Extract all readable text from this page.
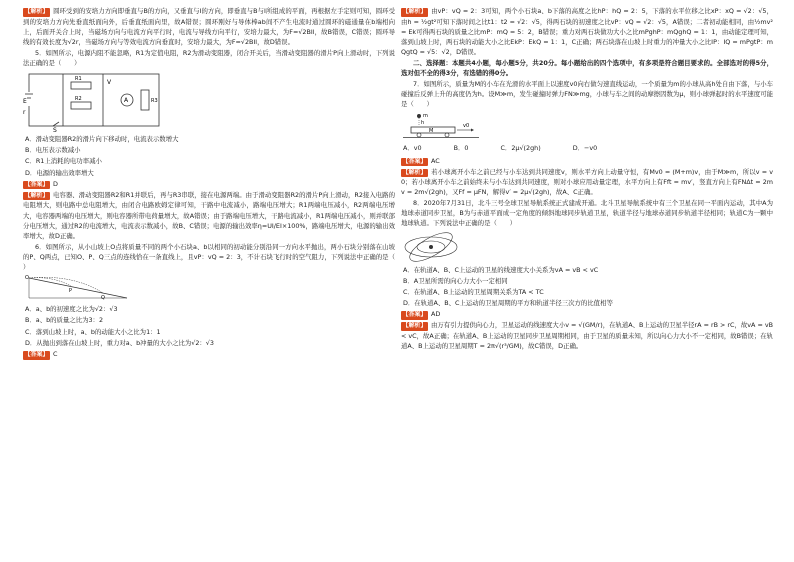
【解析】 圆环受到的安培力方向即垂直与B的方向，又垂直与I的方向，即垂直与B与I所组成的平面，再根据左手定则可知，圆环受到的安培力方向先垂直纸面向外，后垂直纸面向里，故A错误；圆环刚好与导体棒ab间不产生电流时通过圆环的磁通量在b端相向上，后面开关合上时，当磁场方向与电流方向平行时，电流与导线方向平行，安培力最大，为F=√2BIl，故B错误，C错误；圆环导线的有效长度为√2r，当磁场方向与等效电流方向垂直时，安培力最大，为F=√2BIl，故D错误。

5．如图所示，电源内阻不能忽略，R1为定值电阻，R2为滑动变阻器，闭合开关后，当滑动变阻器的滑片P向上滑动时，下列说法正确的是（　　）

E
r
R1
R2	R3
A
V
S
A．滑动变阻器R2的滑片向下移动时，电流表示数增大
B．电压表示数减小
C．R1上消耗的电功率减小
D．电源的输出效率增大

【答案】 D

【解析】 电容器、滑动变阻器R2和R1并联后，再与R3串联，接在电源两端。由于滑动变阻器R2的滑片P向上滑动，R2接入电路的电阻增大，则电路中总电阻增大，由闭合电路欧姆定律可知，干路中电流减小，路端电压增大；R1两端电压减小，R2两端电压增大，电容器两端的电压增大，则电容器所带电荷量增大，故A错误；由于路端电压增大，干路电流减小，R1两端电压减小，则并联部分电压增大，通过R2的电流增大，电流表示数减小，故B、C错误；电源的输出效率η=UI/EI×100%，路端电压增大，电源的输出效率增大，故D正确。

6．如图所示，从小山坡上O点将质量不同的两个小石块a、b以相同的初动能分别沿同一方向水平抛出，两小石块分别落在山坡的P、Q两点，已知O、P、Q三点的连线恰在一条直线上，且vP：vQ = 2：3，不计石块飞行时的空气阻力，下列说法中正确的是（　　）

O
P
Q
A．a、b的初速度之比为√2：√3
B．a、b的质量之比为3：2
C．落到山坡上时，a、b的动能大小之比为1：1
D．从抛出到落在山坡上时，重力对a、b冲量的大小之比为√2：√3

【答案】 C

【解析】 由vP：vQ = 2：3可知，两个小石块a、b下落的高度之比hP：hQ = 2：5，下落的水平位移之比xP：xQ = √2：√5，由h = ½gt²可知下落时间之比t1：t2 = √2：√5，得两石块的初速度之比vP：vQ = √2：√5，A错误；二者初动能相同，由½mv² = Ek可得两石块的质量之比mP：mQ = 5：2，B错误；重力对两石块做功大小之比mPghP：mQghQ = 1：1，由动能定理可知，落到山坡上时，两石块的动能大小之比EkP：EkQ = 1：1，C正确；两石块落在山坡上时重力的冲量大小之比IP：IQ = mPgtP：mQgtQ = √5：√2，D错误。

二、选择题：本题共4小题，每小题5分，共20分。每小题给出的四个选项中，有多项是符合题目要求的。全部选对的得5分，选对但不全的得3分，有选错的得0分。

7．如图所示，质量为M的小车在光滑的水平面上以速度v0向右做匀速直线运动，一个质量为m的小球从高h处自由下落，与小车碰撞后反弹上升的高度仍为h。设M≫m，发生碰撞时弹力FN≫mg，小球与车之间的动摩擦因数为μ，则小球弹起时的水平速度可能是（　　）

m
h
M
v0
A．v0	B．0	C．2μ√(2gh)	D．−v0

【答案】 AC

【解析】 若小球离开小车之前已经与小车达到共同速度v，则水平方向上动量守恒，有Mv0 = (M+m)v，由于M≫m，所以v = v0；若小球离开小车之前始终未与小车达到共同速度，则对小球应用动量定理，水平方向上有Fft = mv′，竖直方向上有FNΔt = 2mv = 2m√(2gh)，又Ff = μFN，解得v′ = 2μ√(2gh)，故A、C正确。

8．2020年7月31日，北斗三号全球卫星导航系统正式建成开通。北斗卫星导航系统中有三个卫星在同一平面内运动，其中A为地球赤道同步卫星，B为与赤道平面成一定角度的倾斜地球同步轨道卫星，轨道半径与地球赤道同步轨道半径相同；轨道C为一颗中地球轨道。下列说法中正确的是（　　）

A．在轨道A、B、C上运动的卫星的线速度大小关系为vA = vB < vC
B．A卫星所需的向心力大小一定相同
C．在轨道A、B上运动的卫星周期关系为TA < TC
D．在轨道A、B、C上运动的卫星周期的平方和轨道半径三次方的比值相等

【答案】 AD

【解析】 由万有引力提供向心力，卫星运动的线速度大小v = √(GM/r)，在轨道A、B上运动的卫星半径rA = rB > rC，故vA = vB < vC，故A正确；在轨道A、B上运动的卫星同步卫星周期相同，由于卫星的质量未知，所以向心力大小不一定相同，故B错误；在轨道A、B上运动的卫星周期T = 2π√(r³/GM)，故C错误，D正确。
